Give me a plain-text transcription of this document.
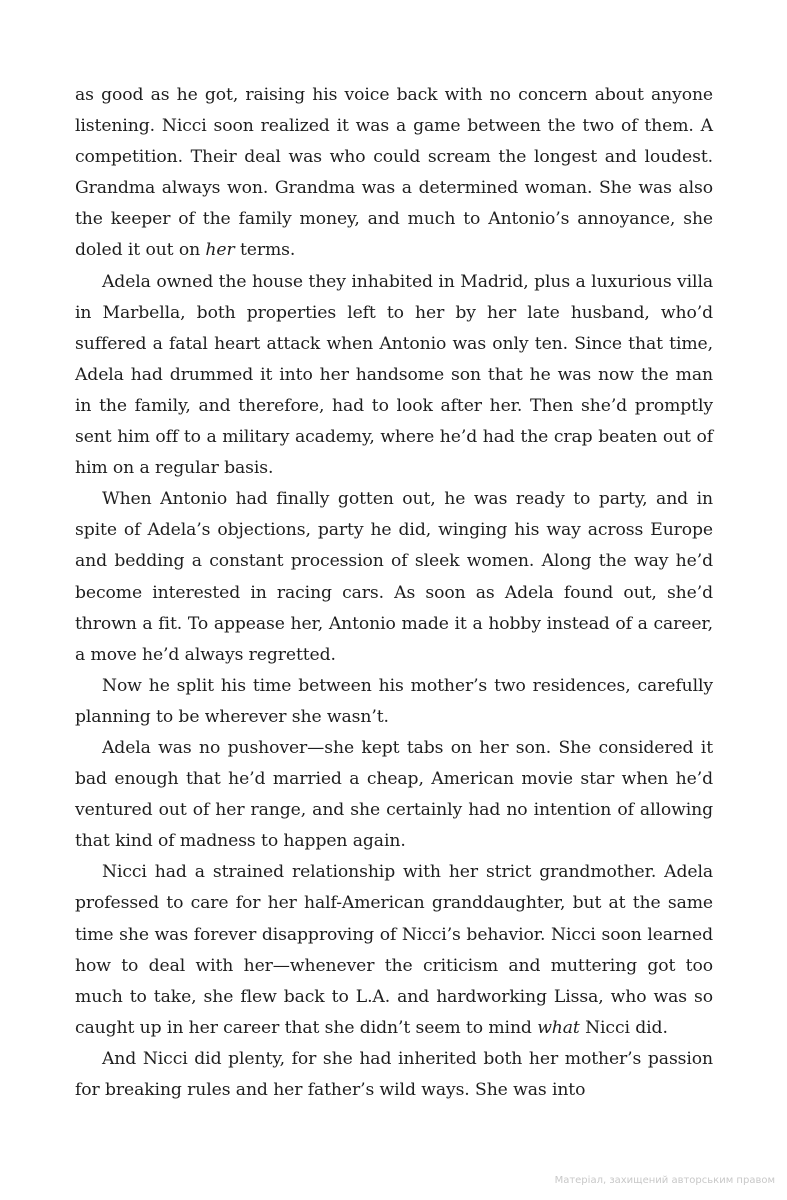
as good as he got, raising his voice back with no concern about anyone listening. Nicci soon realized it was a game between the two of them. A competition. Their deal was who could scream the longest and loudest. Grandma always won. Grandma was a determined woman. She was also the keeper of the family money, and much to Antonio’s annoyance, she doled it out on her terms.

Adela owned the house they inhabited in Madrid, plus a luxurious villa in Marbella, both properties left to her by her late husband, who’d suffered a fatal heart attack when Antonio was only ten. Since that time, Adela had drummed it into her handsome son that he was now the man in the family, and therefore, had to look after her. Then she’d promptly sent him off to a military academy, where he’d had the crap beaten out of him on a regular basis.

When Antonio had finally gotten out, he was ready to party, and in spite of Adela’s objections, party he did, winging his way across Europe and bedding a constant procession of sleek women. Along the way he’d become interested in racing cars. As soon as Adela found out, she’d thrown a fit. To appease her, Antonio made it a hobby instead of a career, a move he’d always regretted.

Now he split his time between his mother’s two residences, carefully planning to be wherever she wasn’t.

Adela was no pushover—she kept tabs on her son. She considered it bad enough that he’d married a cheap, American movie star when he’d ventured out of her range, and she certainly had no intention of allowing that kind of madness to happen again.

Nicci had a strained relationship with her strict grandmother. Adela professed to care for her half-American granddaughter, but at the same time she was forever disapproving of Nicci’s behavior. Nicci soon learned how to deal with her—whenever the criticism and muttering got too much to take, she flew back to L.A. and hardworking Lissa, who was so caught up in her career that she didn’t seem to mind what Nicci did.

And Nicci did plenty, for she had inherited both her mother’s passion for breaking rules and her father’s wild ways. She was into

Матеріал, захищений авторським правом
